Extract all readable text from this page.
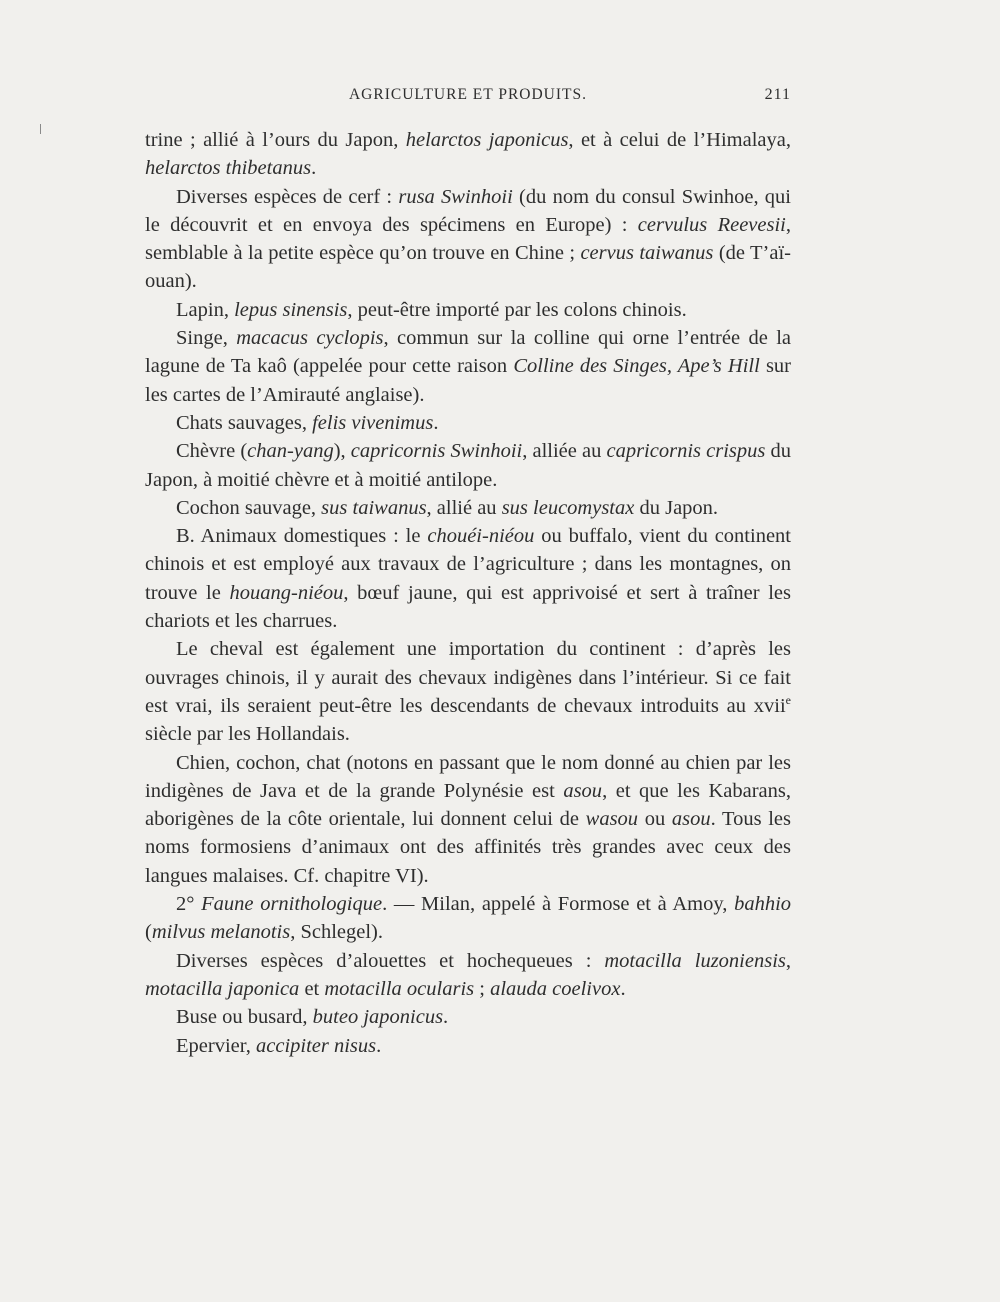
AGRICULTURE ET PRODUITS.	211

trine ; allié à l’ours du Japon, helarctos japonicus, et à celui de l’Himalaya, helarctos thibetanus.

Diverses espèces de cerf : rusa Swinhoii (du nom du consul Swinhoe, qui le découvrit et en envoya des spécimens en Europe) : cervulus Reevesii, semblable à la petite espèce qu’on trouve en Chine ; cervus taiwanus (de T’aï-ouan).

Lapin, lepus sinensis, peut-être importé par les colons chinois.

Singe, macacus cyclopis, commun sur la colline qui orne l’entrée de la lagune de Ta kaô (appelée pour cette raison Colline des Singes, Ape’s Hill sur les cartes de l’Amirauté anglaise).

Chats sauvages, felis vivenimus.

Chèvre (chan-yang), capricornis Swinhoii, alliée au capricornis crispus du Japon, à moitié chèvre et à moitié antilope.

Cochon sauvage, sus taiwanus, allié au sus leucomystax du Japon.

B. Animaux domestiques : le chouéi-niéou ou buffalo, vient du continent chinois et est employé aux travaux de l’agriculture ; dans les montagnes, on trouve le houang-niéou, bœuf jaune, qui est apprivoisé et sert à traîner les chariots et les charrues.

Le cheval est également une importation du continent : d’après les ouvrages chinois, il y aurait des chevaux indigènes dans l’intérieur. Si ce fait est vrai, ils seraient peut-être les descendants de chevaux introduits au xvii$^e$ siècle par les Hollandais.

Chien, cochon, chat (notons en passant que le nom donné au chien par les indigènes de Java et de la grande Polynésie est asou, et que les Kabarans, aborigènes de la côte orientale, lui donnent celui de wasou ou asou. Tous les noms formosiens d’animaux ont des affinités très grandes avec ceux des langues malaises. Cf. chapitre VI).

2° Faune ornithologique. — Milan, appelé à Formose et à Amoy, bahhio (milvus melanotis, Schlegel).

Diverses espèces d’alouettes et hochequeues : motacilla luzoniensis, motacilla japonica et motacilla ocularis ; alauda coelivox.

Buse ou busard, buteo japonicus.

Epervier, accipiter nisus.
